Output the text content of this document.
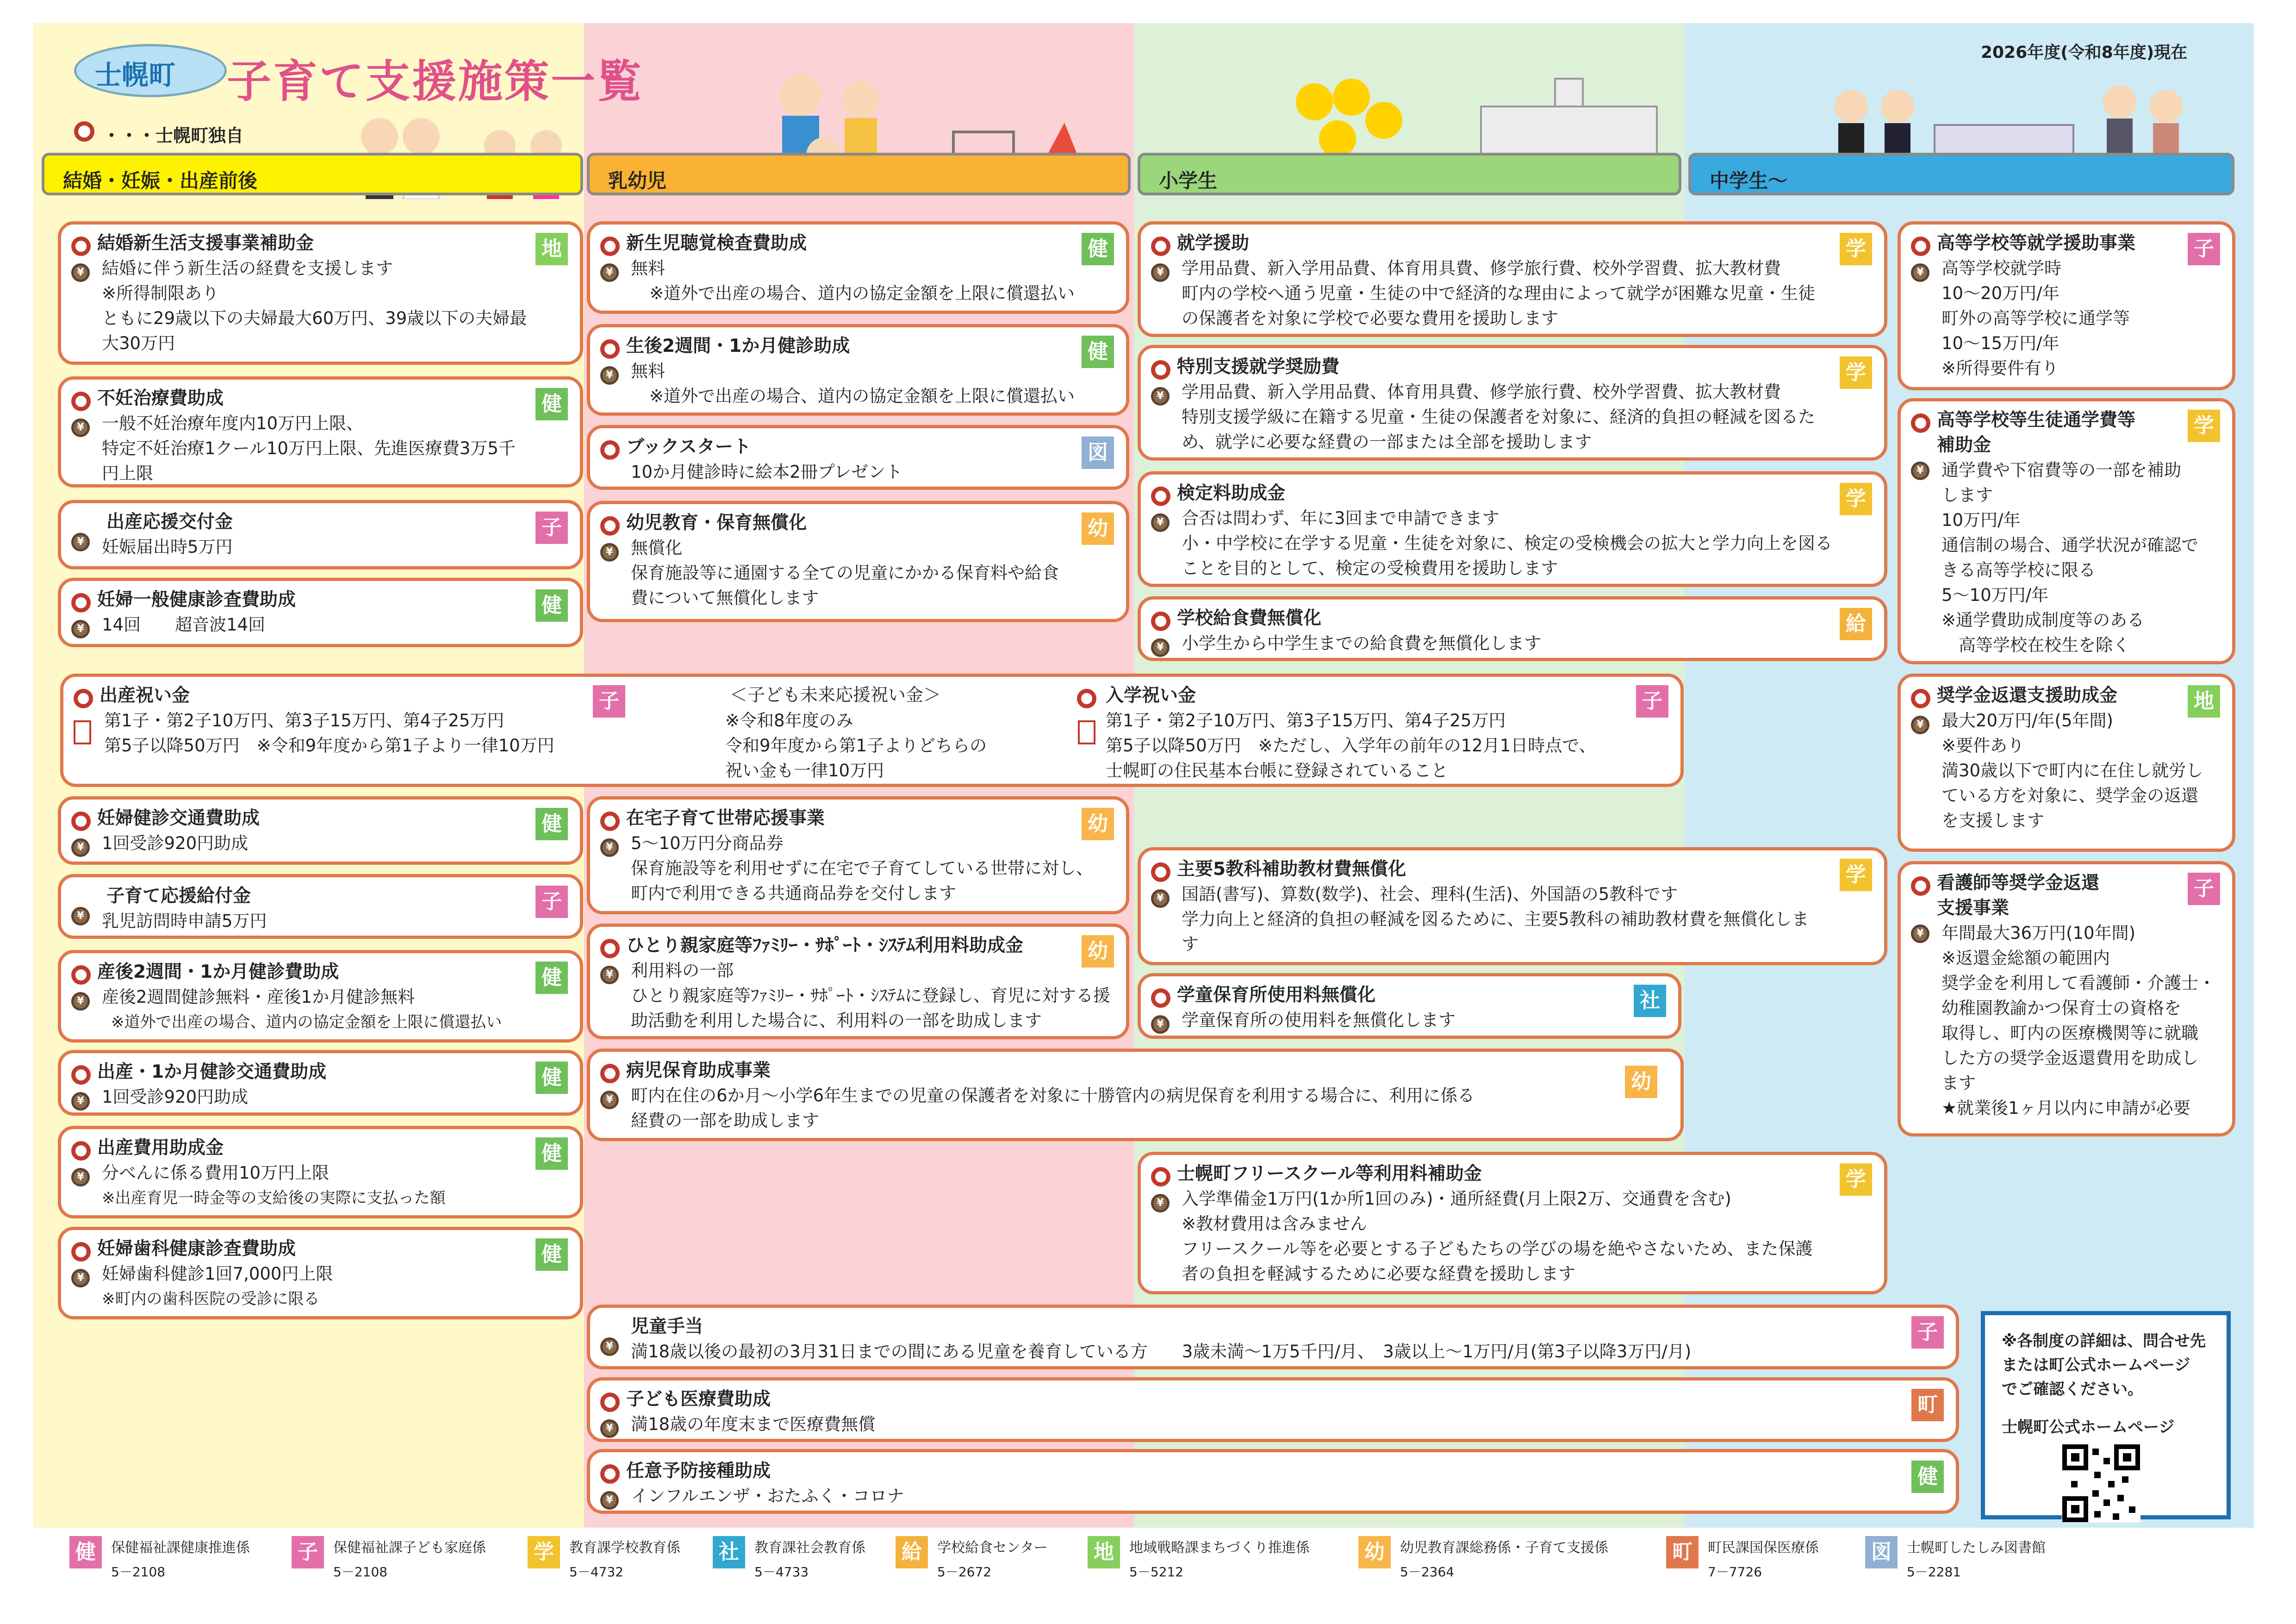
士幌町 子育て支援施策一覧
2026年度(令和8年度)現在
・・・士幌町独自
結婚・妊娠・出産前後	乳幼児	小学生	中学生～
¥
結婚新生活支援事業補助金
結婚に伴う新生活の経費を支援します
※所得制限あり
ともに29歳以下の夫婦最大60万円、39歳以下の夫婦最
大30万円
地
¥
不妊治療費助成
一般不妊治療年度内10万円上限、
特定不妊治療1クール10万円上限、先進医療費3万5千
円上限
健
¥
出産応援交付金
妊娠届出時5万円
子
¥
妊婦一般健康診査費助成
14回　　超音波14回
健
¥
新生児聴覚検査費助成
無料
※道外で出産の場合、道内の協定金額を上限に償還払い
健
¥
生後2週間・1か月健診助成
無料
※道外で出産の場合、道内の協定金額を上限に償還払い
健
ブックスタート
10か月健診時に絵本2冊プレゼント
図
¥
幼児教育・保育無償化
無償化
保育施設等に通園する全ての児童にかかる保育料や給食
費について無償化します
幼
¥
就学援助
学用品費、新入学用品費、体育用具費、修学旅行費、校外学習費、拡大教材費
町内の学校へ通う児童・生徒の中で経済的な理由によって就学が困難な児童・生徒
の保護者を対象に学校で必要な費用を援助します
学
¥
特別支援就学奨励費
学用品費、新入学用品費、体育用具費、修学旅行費、校外学習費、拡大教材費
特別支援学級に在籍する児童・生徒の保護者を対象に、経済的負担の軽減を図るた
め、就学に必要な経費の一部または全部を援助します
学
¥
検定料助成金
合否は問わず、年に3回まで申請できます
小・中学校に在学する児童・生徒を対象に、検定の受検機会の拡大と学力向上を図る
ことを目的として、検定の受検費用を援助します
学
¥
学校給食費無償化
小学生から中学生までの給食費を無償化します
給
¥
高等学校等就学援助事業
高等学校就学時
10～20万円/年
町外の高等学校に通学等
10～15万円/年
※所得要件有り
子
¥
高等学校等生徒通学費等
補助金
通学費や下宿費等の一部を補助
します
10万円/年
通信制の場合、通学状況が確認で
きる高等学校に限る
5～10万円/年
※通学費助成制度等のある
　高等学校在校生を除く
学
出産祝い金
第1子・第2子10万円、第3子15万円、第4子25万円
第5子以降50万円　※令和9年度から第1子より一律10万円
子	＜子ども未来応援祝い金＞
※令和8年度のみ
令和9年度から第1子よりどちらの
祝い金も一律10万円
入学祝い金
第1子・第2子10万円、第3子15万円、第4子25万円
第5子以降50万円　※ただし、入学年の前年の12月1日時点で、
士幌町の住民基本台帳に登録されていること
子
¥
奨学金返還支援助成金
最大20万円/年(5年間)
※要件あり
満30歳以下で町内に在住し就労し
ている方を対象に、奨学金の返還
を支援します
地
¥
妊婦健診交通費助成
1回受診920円助成
健
¥
子育て応援給付金
乳児訪問時申請5万円
子
¥
産後2週間・1か月健診費助成
産後2週間健診無料・産後1か月健診無料
※道外で出産の場合、道内の協定金額を上限に償還払い
健
¥
出産・1か月健診交通費助成
1回受診920円助成
健
¥
出産費用助成金
分べんに係る費用10万円上限
※出産育児一時金等の支給後の実際に支払った額
健
¥
妊婦歯科健康診査費助成
妊婦歯科健診1回7,000円上限
※町内の歯科医院の受診に限る
健
¥
在宅子育て世帯応援事業
5～10万円分商品券
保育施設等を利用せずに在宅で子育てしている世帯に対し、
町内で利用できる共通商品券を交付します
幼
¥
ひとり親家庭等ﾌｧﾐﾘｰ・ｻﾎﾟｰﾄ・ｼｽﾃﾑ利用料助成金
利用料の一部
ひとり親家庭等ﾌｧﾐﾘｰ・ｻﾎﾟｰﾄ・ｼｽﾃﾑに登録し、育児に対する援
助活動を利用した場合に、利用料の一部を助成します
幼
¥
主要5教科補助教材費無償化
国語(書写)、算数(数学)、社会、理科(生活)、外国語の5教科です
学力向上と経済的負担の軽減を図るために、主要5教科の補助教材費を無償化しま
す
学
¥
学童保育所使用料無償化
学童保育所の使用料を無償化します
社
¥
看護師等奨学金返還
支援事業
年間最大36万円(10年間)
※返還金総額の範囲内
奨学金を利用して看護師・介護士・
幼稚園教諭かつ保育士の資格を
取得し、町内の医療機関等に就職
した方の奨学金返還費用を助成し
ます
★就業後1ヶ月以内に申請が必要
子
¥
病児保育助成事業
町内在住の6か月～小学6年生までの児童の保護者を対象に十勝管内の病児保育を利用する場合に、利用に係る
経費の一部を助成します
幼
¥
士幌町フリースクール等利用料補助金
入学準備金1万円(1か所1回のみ)・通所経費(月上限2万、交通費を含む)
※教材費用は含みません
フリースクール等を必要とする子どもたちの学びの場を絶やさないため、また保護
者の負担を軽減するために必要な経費を援助します
学
¥
児童手当
満18歳以後の最初の3月31日までの間にある児童を養育している方　　3歳未満～1万5千円/月、　3歳以上～1万円/月(第3子以降3万円/月)
子
¥
子ども医療費助成
満18歳の年度末まで医療費無償
町
¥
任意予防接種助成
インフルエンザ・おたふく・コロナ
健
※各制度の詳細は、問合せ先
または町公式ホームページ
でご確認ください。
士幌町公式ホームページ
健	保健福祉課健康推進係
5－2108
子	保健福祉課子ども家庭係
5－2108
学	教育課学校教育係
5－4732
社	教育課社会教育係
5－4733
給	学校給食センター
5－2672
地	地域戦略課まちづくり推進係
5－5212
幼	幼児教育課総務係・子育て支援係
5－2364
町	町民課国保医療係
7－7726
図	士幌町したしみ図書館
5－2281
